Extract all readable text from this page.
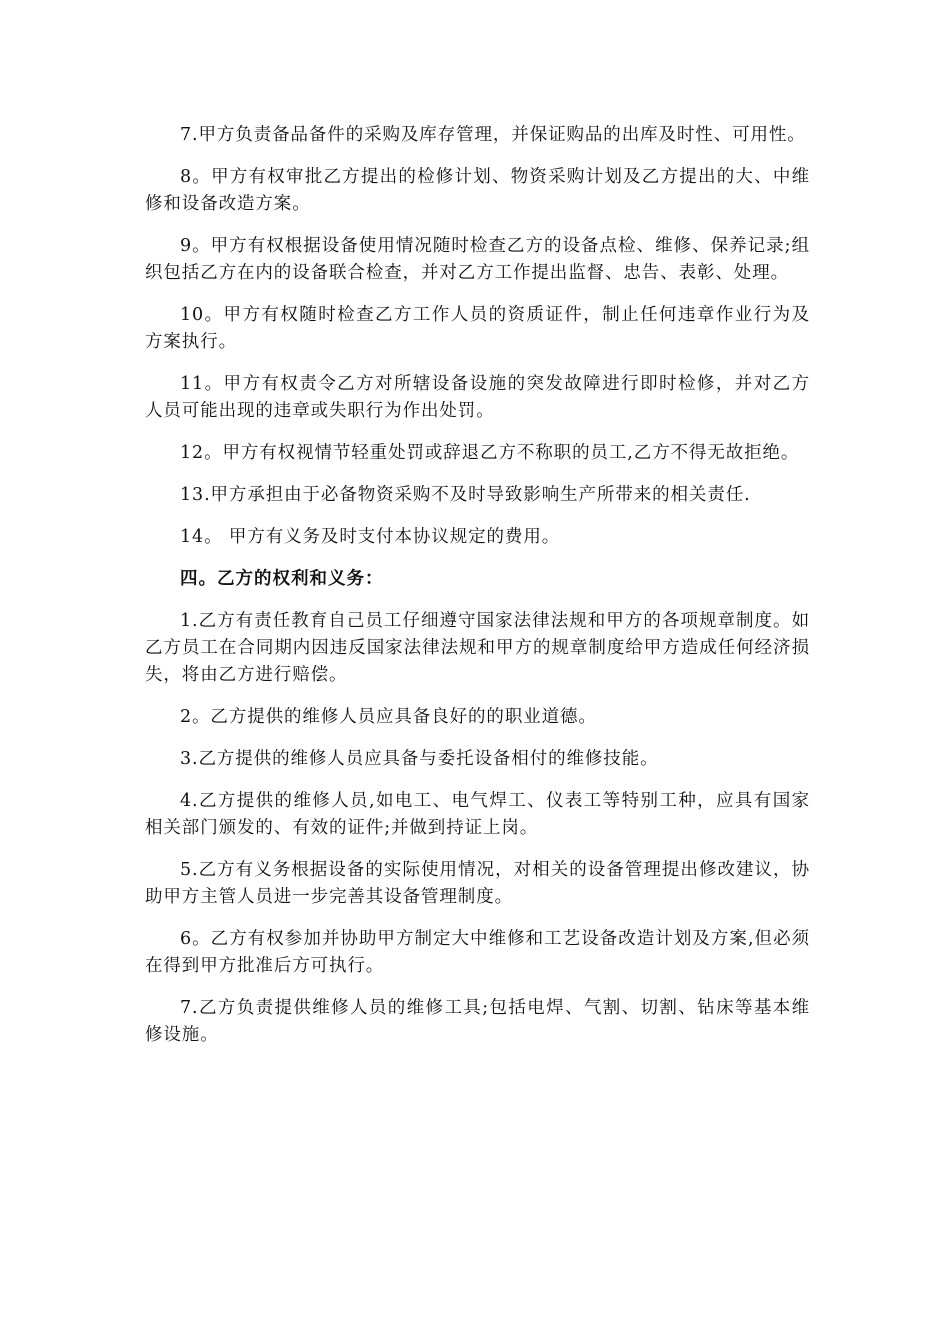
7.甲方负责备品备件的采购及库存管理，并保证购品的出库及时性、可用性。

8。甲方有权审批乙方提出的检修计划、物资采购计划及乙方提出的大、中维修和设备改造方案。

9。甲方有权根据设备使用情况随时检查乙方的设备点检、维修、保养记录;组织包括乙方在内的设备联合检查，并对乙方工作提出监督、忠告、表彰、处理。

10。甲方有权随时检查乙方工作人员的资质证件，制止任何违章作业行为及方案执行。

11。甲方有权责令乙方对所辖设备设施的突发故障进行即时检修，并对乙方人员可能出现的违章或失职行为作出处罚。

12。甲方有权视情节轻重处罚或辞退乙方不称职的员工,乙方不得无故拒绝。

13.甲方承担由于必备物资采购不及时导致影响生产所带来的相关责任.

14。 甲方有义务及时支付本协议规定的费用。

四。乙方的权利和义务：

1.乙方有责任教育自己员工仔细遵守国家法律法规和甲方的各项规章制度。如乙方员工在合同期内因违反国家法律法规和甲方的规章制度给甲方造成任何经济损失，将由乙方进行赔偿。

2。乙方提供的维修人员应具备良好的的职业道德。

3.乙方提供的维修人员应具备与委托设备相付的维修技能。

4.乙方提供的维修人员,如电工、电气焊工、仪表工等特别工种，应具有国家相关部门颁发的、有效的证件;并做到持证上岗。

5.乙方有义务根据设备的实际使用情况，对相关的设备管理提出修改建议，协助甲方主管人员进一步完善其设备管理制度。

6。乙方有权参加并协助甲方制定大中维修和工艺设备改造计划及方案,但必须在得到甲方批准后方可执行。

7.乙方负责提供维修人员的维修工具;包括电焊、气割、切割、钻床等基本维修设施。
